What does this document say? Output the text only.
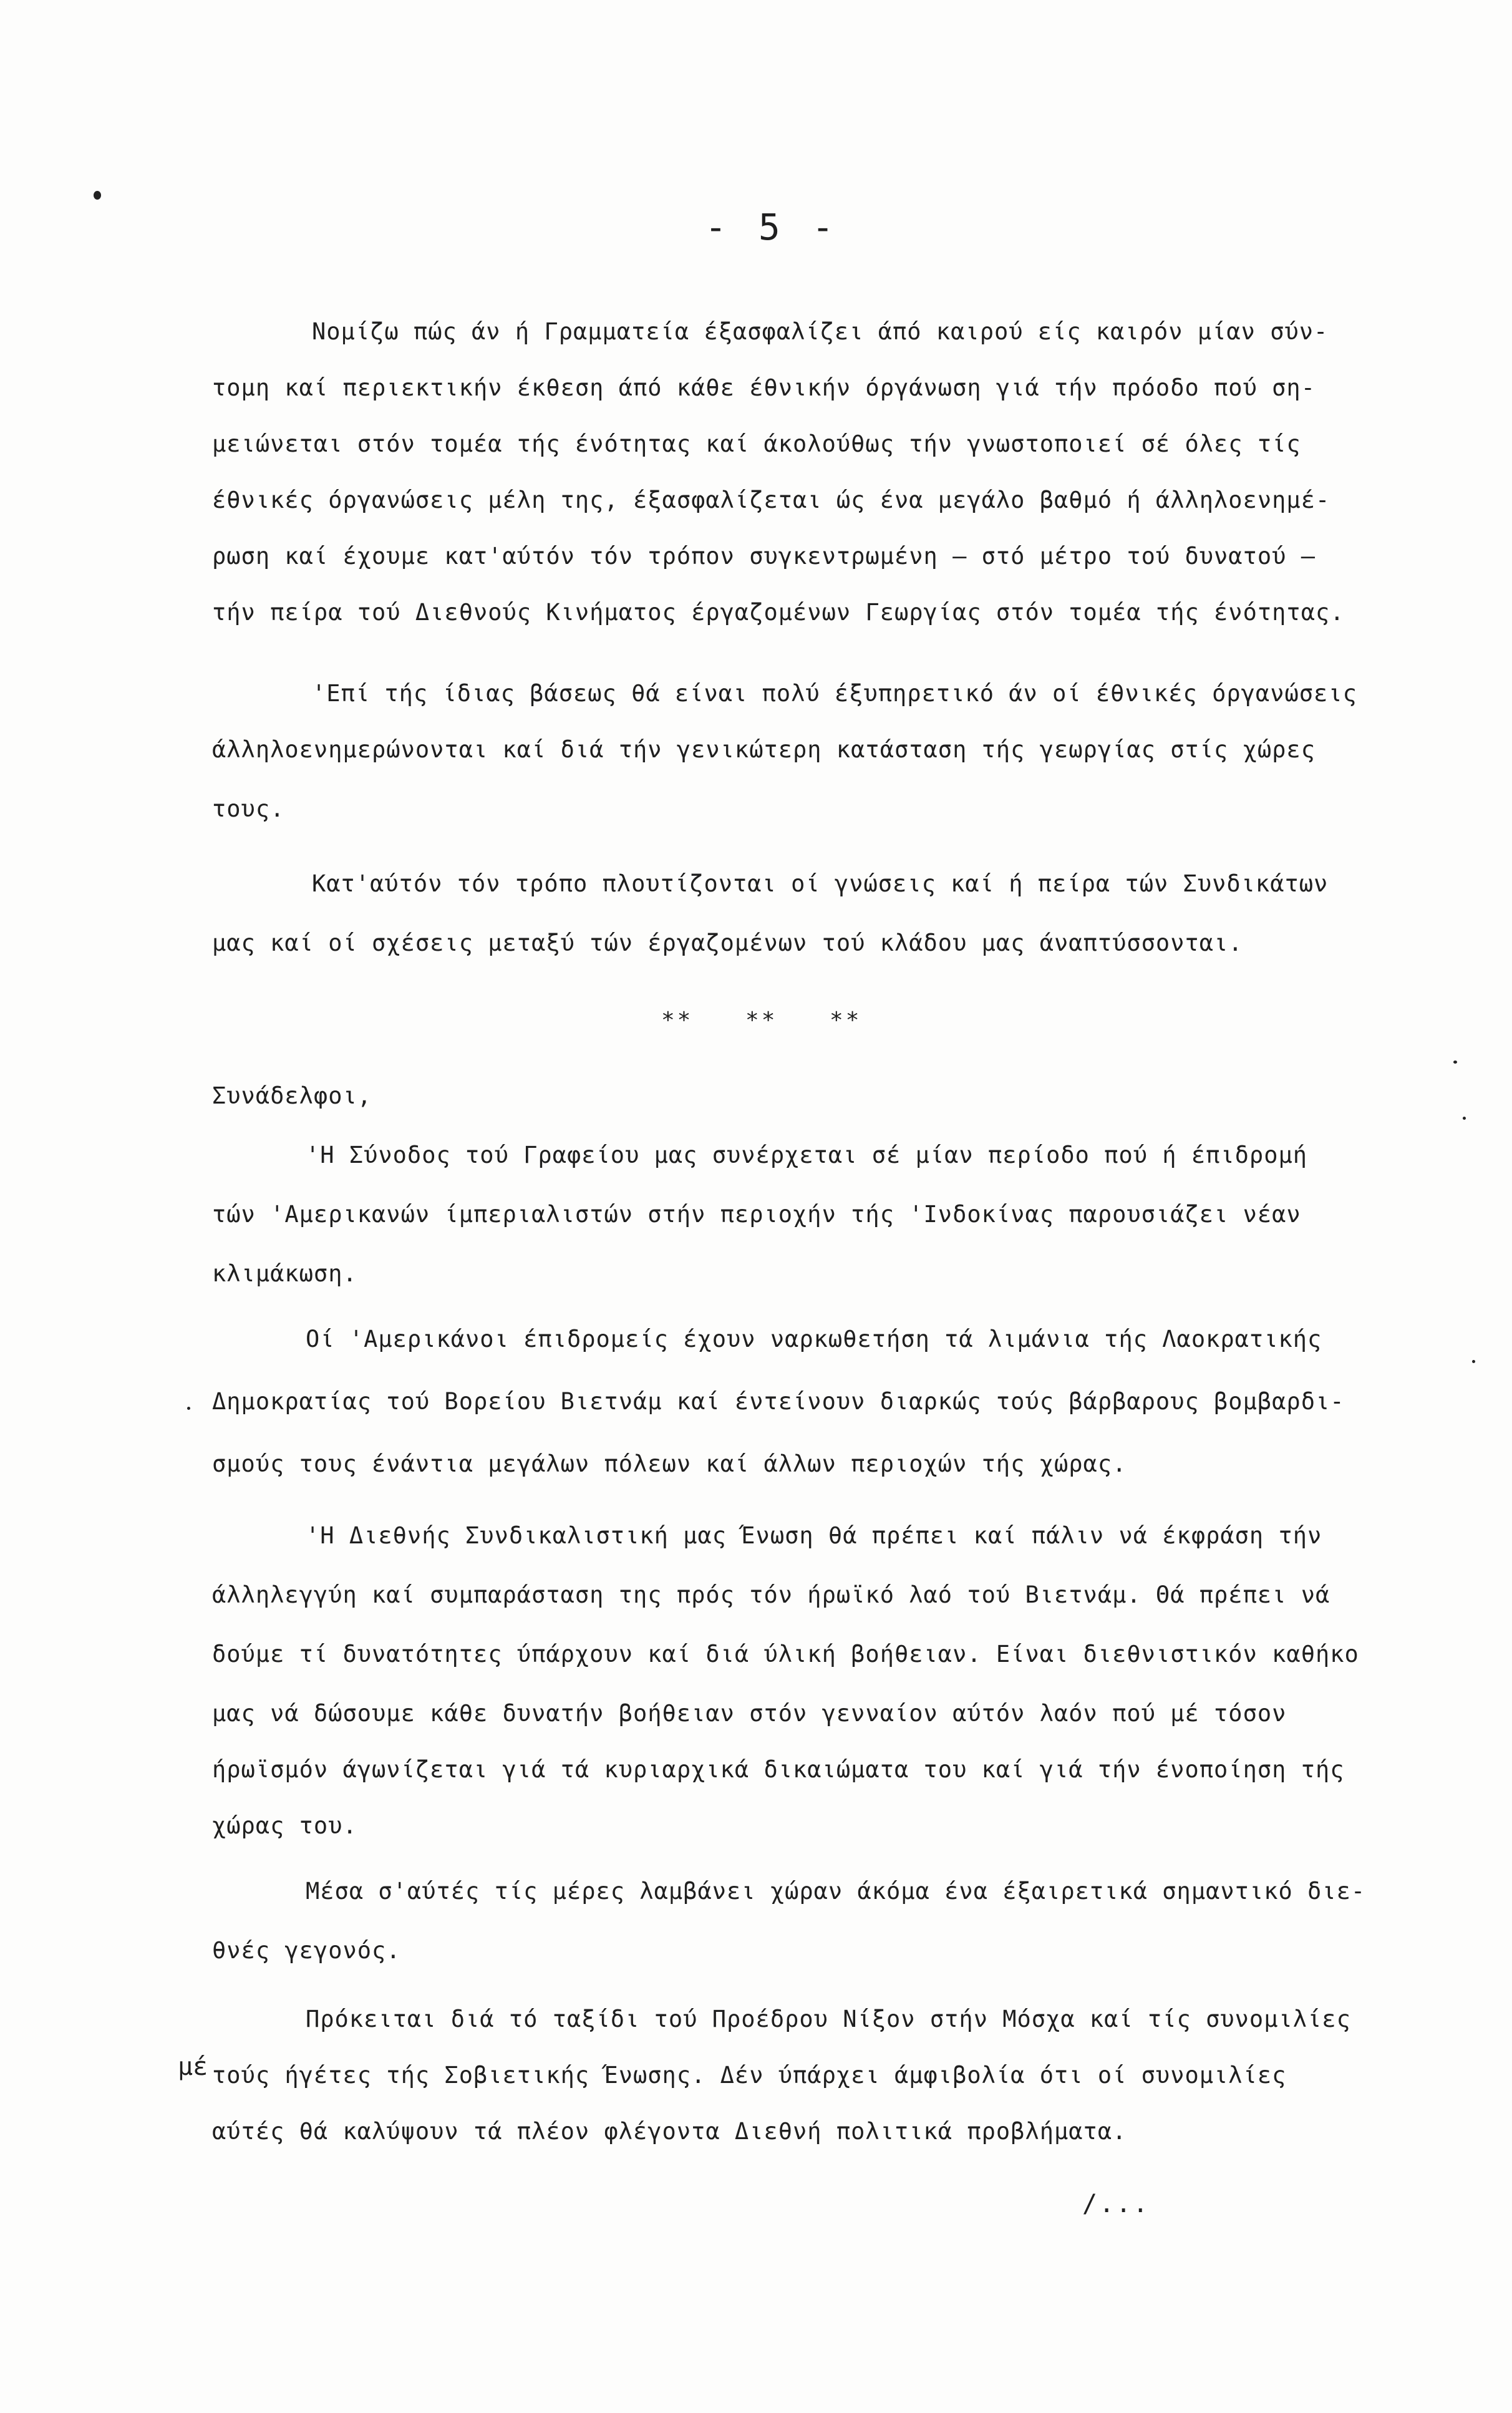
- 5 -
Νομίζω πώς άν ή Γραμματεία έξασφαλίζει άπό καιρού είς καιρόν μίαν σύν-
τομη καί περιεκτικήν έκθεση άπό κάθε έθνικήν όργάνωση γιά τήν πρόοδο πού ση-
μειώνεται στόν τομέα τής ένότητας καί άκολούθως τήν γνωστοποιεί σέ όλες τίς
έθνικές όργανώσεις μέλη της, έξασφαλίζεται ώς ένα μεγάλο βαθμό ή άλληλοενημέ-
ρωση καί έχουμε κατ'αύτόν τόν τρόπον συγκεντρωμένη – στό μέτρο τού δυνατού –
τήν πείρα τού Διεθνούς Κινήματος έργαζομένων Γεωργίας στόν τομέα τής ένότητας.
'Επί τής ίδιας βάσεως θά είναι πολύ έξυπηρετικό άν οί έθνικές όργανώσεις
άλληλοενημερώνονται καί διά τήν γενικώτερη κατάσταση τής γεωργίας στίς χώρες
τους.
Κατ'αύτόν τόν τρόπο πλουτίζονται οί γνώσεις καί ή πείρα τών Συνδικάτων
μας καί οί σχέσεις μεταξύ τών έργαζομένων τού κλάδου μας άναπτύσσονται.
** ** **
Συνάδελφοι,
'Η Σύνοδος τού Γραφείου μας συνέρχεται σέ μίαν περίοδο πού ή έπιδρομή
τών 'Αμερικανών ίμπεριαλιστών στήν περιοχήν τής 'Ινδοκίνας παρουσιάζει νέαν
κλιμάκωση.
Οί 'Αμερικάνοι έπιδρομείς έχουν ναρκωθετήση τά λιμάνια τής Λαοκρατικής
Δημοκρατίας τού Βορείου Βιετνάμ καί έντείνουν διαρκώς τούς βάρβαρους βομβαρδι-
σμούς τους ένάντια μεγάλων πόλεων καί άλλων περιοχών τής χώρας.
'Η Διεθνής Συνδικαλιστική μας Ένωση θά πρέπει καί πάλιν νά έκφράση τήν
άλληλεγγύη καί συμπαράσταση της πρός τόν ήρωϊκό λαό τού Βιετνάμ. Θά πρέπει νά
δούμε τί δυνατότητες ύπάρχουν καί διά ύλική βοήθειαν. Είναι διεθνιστικόν καθήκο
μας νά δώσουμε κάθε δυνατήν βοήθειαν στόν γενναίον αύτόν λαόν πού μέ τόσον
ήρωϊσμόν άγωνίζεται γιά τά κυριαρχικά δικαιώματα του καί γιά τήν ένοποίηση τής
χώρας του.
Μέσα σ'αύτές τίς μέρες λαμβάνει χώραν άκόμα ένα έξαιρετικά σημαντικό διε-
θνές γεγονός.
Πρόκειται διά τό ταξίδι τού Προέδρου Νίξον στήν Μόσχα καί τίς συνομιλίες
τούς ήγέτες τής Σοβιετικής Ένωσης. Δέν ύπάρχει άμφιβολία ότι οί συνομιλίες
αύτές θά καλύψουν τά πλέον φλέγοντα Διεθνή πολιτικά προβλήματα.
μέ
/...
